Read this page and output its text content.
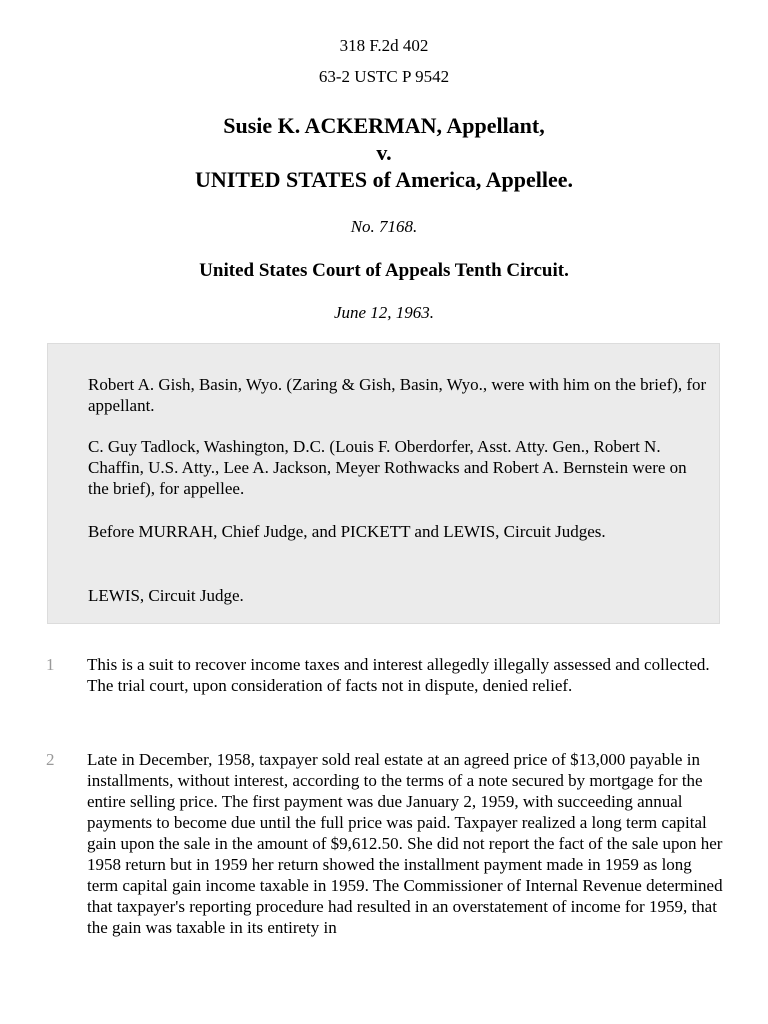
318 F.2d 402
63-2 USTC P 9542
Susie K. ACKERMAN, Appellant,
v.
UNITED STATES of America, Appellee.
No. 7168.
United States Court of Appeals Tenth Circuit.
June 12, 1963.

Robert A. Gish, Basin, Wyo. (Zaring & Gish, Basin, Wyo., were with him on the brief), for appellant.

C. Guy Tadlock, Washington, D.C. (Louis F. Oberdorfer, Asst. Atty. Gen., Robert N. Chaffin, U.S. Atty., Lee A. Jackson, Meyer Rothwacks and Robert A. Bernstein were on the brief), for appellee.

Before MURRAH, Chief Judge, and PICKETT and LEWIS, Circuit Judges.

LEWIS, Circuit Judge.

1 This is a suit to recover income taxes and interest allegedly illegally assessed and collected. The trial court, upon consideration of facts not in dispute, denied relief.

2 Late in December, 1958, taxpayer sold real estate at an agreed price of $13,000 payable in installments, without interest, according to the terms of a note secured by mortgage for the entire selling price. The first payment was due January 2, 1959, with succeeding annual payments to become due until the full price was paid. Taxpayer realized a long term capital gain upon the sale in the amount of $9,612.50. She did not report the fact of the sale upon her 1958 return but in 1959 her return showed the installment payment made in 1959 as long term capital gain income taxable in 1959. The Commissioner of Internal Revenue determined that taxpayer's reporting procedure had resulted in an overstatement of income for 1959, that the gain was taxable in its entirety in
